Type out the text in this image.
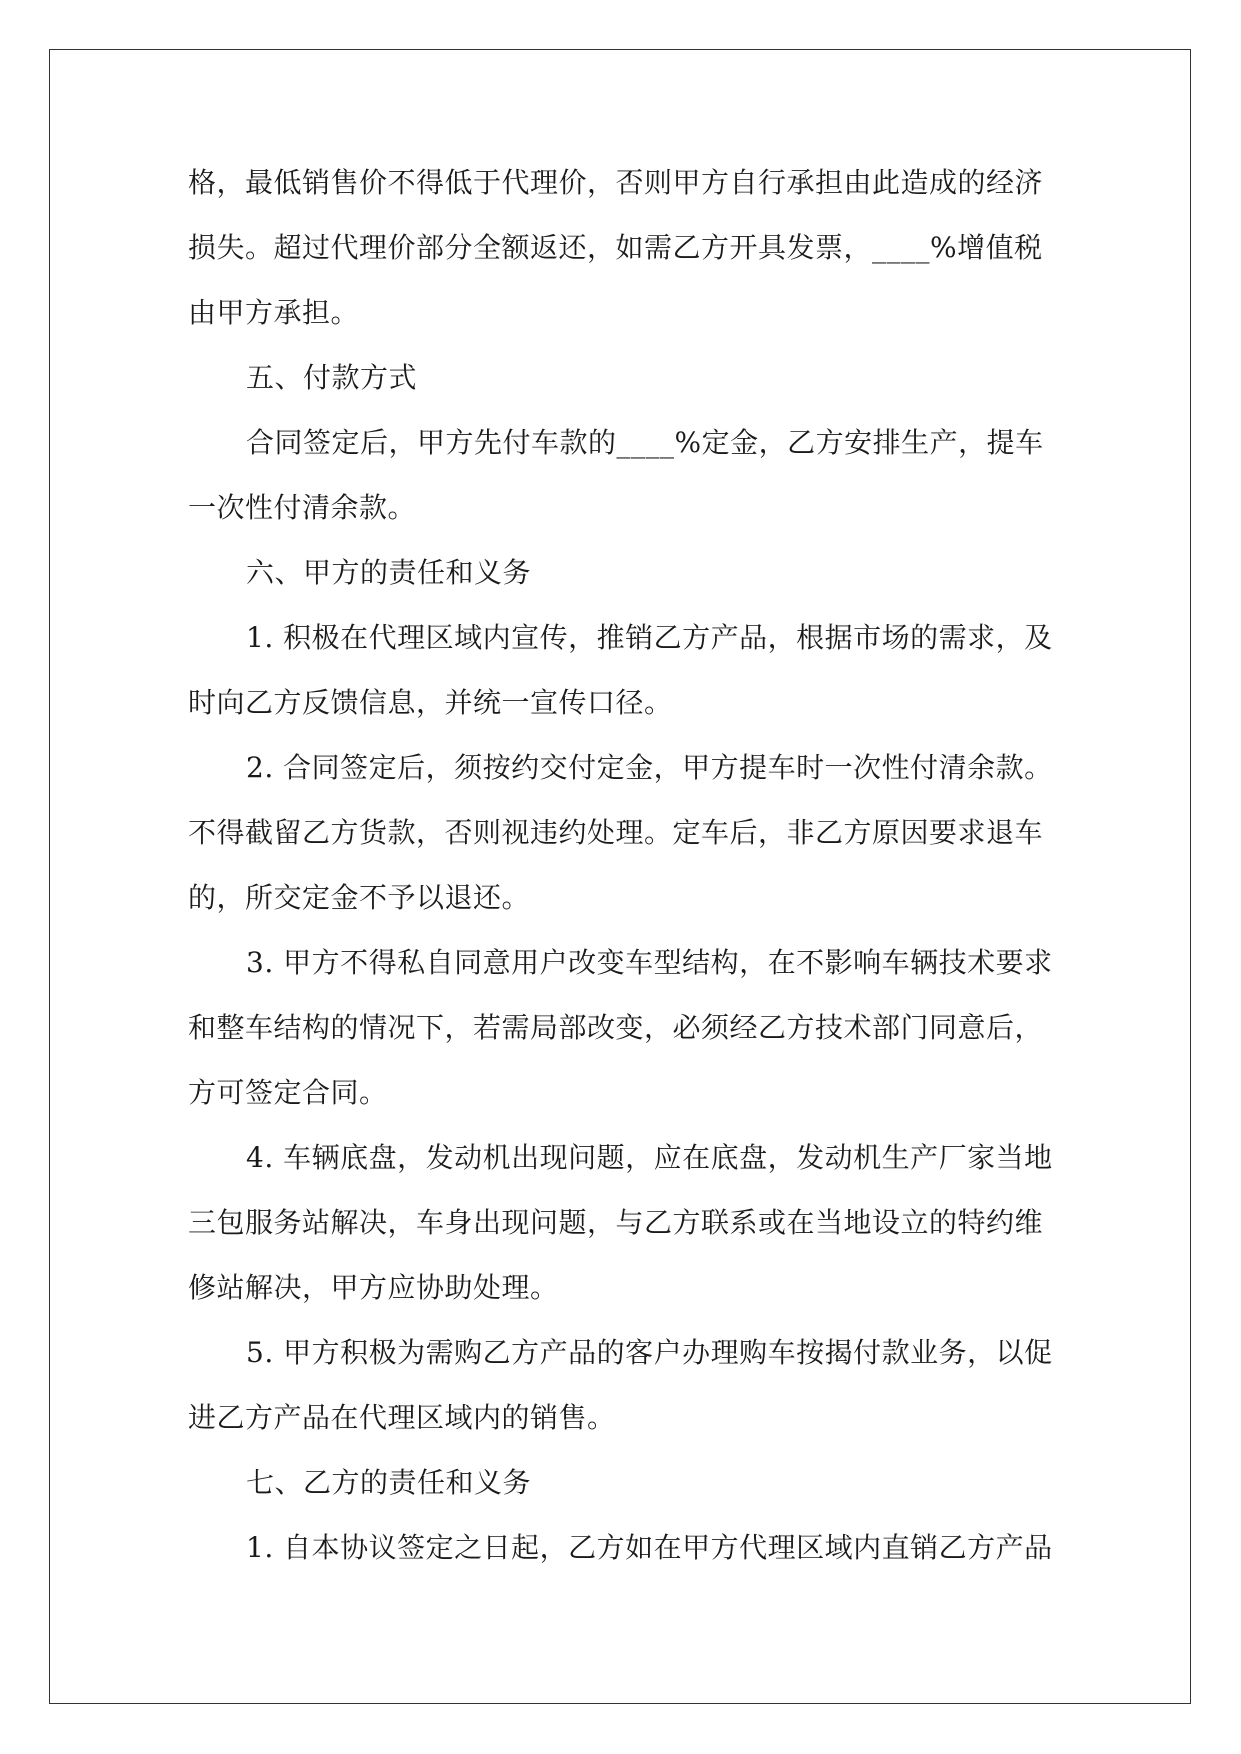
格，最低销售价不得低于代理价，否则甲方自行承担由此造成的经济
损失。超过代理价部分全额返还，如需乙方开具发票，____%增值税
由甲方承担。
五、付款方式
合同签定后，甲方先付车款的____%定金，乙方安排生产，提车
一次性付清余款。
六、甲方的责任和义务
1. 积极在代理区域内宣传，推销乙方产品，根据市场的需求，及
时向乙方反馈信息，并统一宣传口径。
2. 合同签定后，须按约交付定金，甲方提车时一次性付清余款。
不得截留乙方货款，否则视违约处理。定车后，非乙方原因要求退车
的，所交定金不予以退还。
3. 甲方不得私自同意用户改变车型结构，在不影响车辆技术要求
和整车结构的情况下，若需局部改变，必须经乙方技术部门同意后，
方可签定合同。
4. 车辆底盘，发动机出现问题，应在底盘，发动机生产厂家当地
三包服务站解决，车身出现问题，与乙方联系或在当地设立的特约维
修站解决，甲方应协助处理。
5. 甲方积极为需购乙方产品的客户办理购车按揭付款业务，以促
进乙方产品在代理区域内的销售。
七、乙方的责任和义务
1. 自本协议签定之日起，乙方如在甲方代理区域内直销乙方产品
